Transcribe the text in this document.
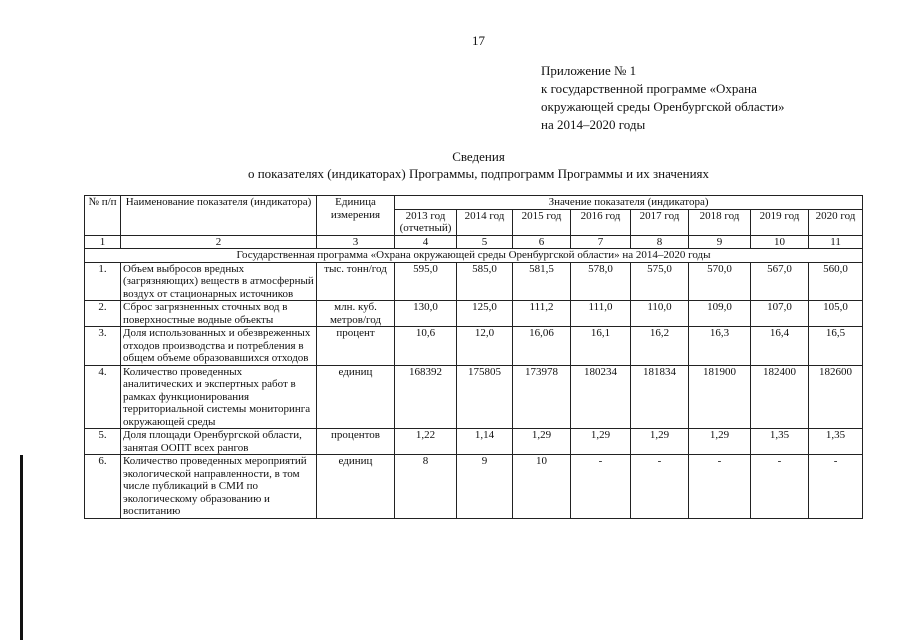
17
Приложение № 1
к государственной программе «Охрана
окружающей среды Оренбургской области»
на 2014–2020 годы
Сведения
о показателях (индикаторах) Программы, подпрограмм Программы и их значениях
№ п/п	Наименование показателя (индикатора)	Единица измерения	Значение показателя (индикатора)							
			2013 год (отчетный)	2014 год	2015 год	2016 год	2017 год	2018 год	2019 год	2020 год
1	2	3	4	5	6	7	8	9	10	11
Государственная программа «Охрана окружающей среды Оренбургской области» на 2014–2020 годы										
1.	Объем выбросов вредных (загрязняющих) веществ в атмосферный воздух от стационарных источников	тыс. тонн/год	595,0	585,0	581,5	578,0	575,0	570,0	567,0	560,0
2.	Сброс загрязненных сточных вод в поверхностные водные объекты	млн. куб. метров/год	130,0	125,0	111,2	111,0	110,0	109,0	107,0	105,0
3.	Доля использованных и обезвреженных отходов производства и потребления в общем объеме образовавшихся отходов	процент	10,6	12,0	16,06	16,1	16,2	16,3	16,4	16,5
4.	Количество проведенных аналитических и экспертных работ в рамках функционирования территориальной системы мониторинга окружающей среды	единиц	168392	175805	173978	180234	181834	181900	182400	182600
5.	Доля площади Оренбургской области, занятая ООПТ всех рангов	процентов	1,22	1,14	1,29	1,29	1,29	1,29	1,35	1,35
6.	Количество проведенных мероприятий экологической направленности, в том числе публикаций в СМИ по экологическому образованию и воспитанию	единиц	8	9	10	-	-	-	-	-
